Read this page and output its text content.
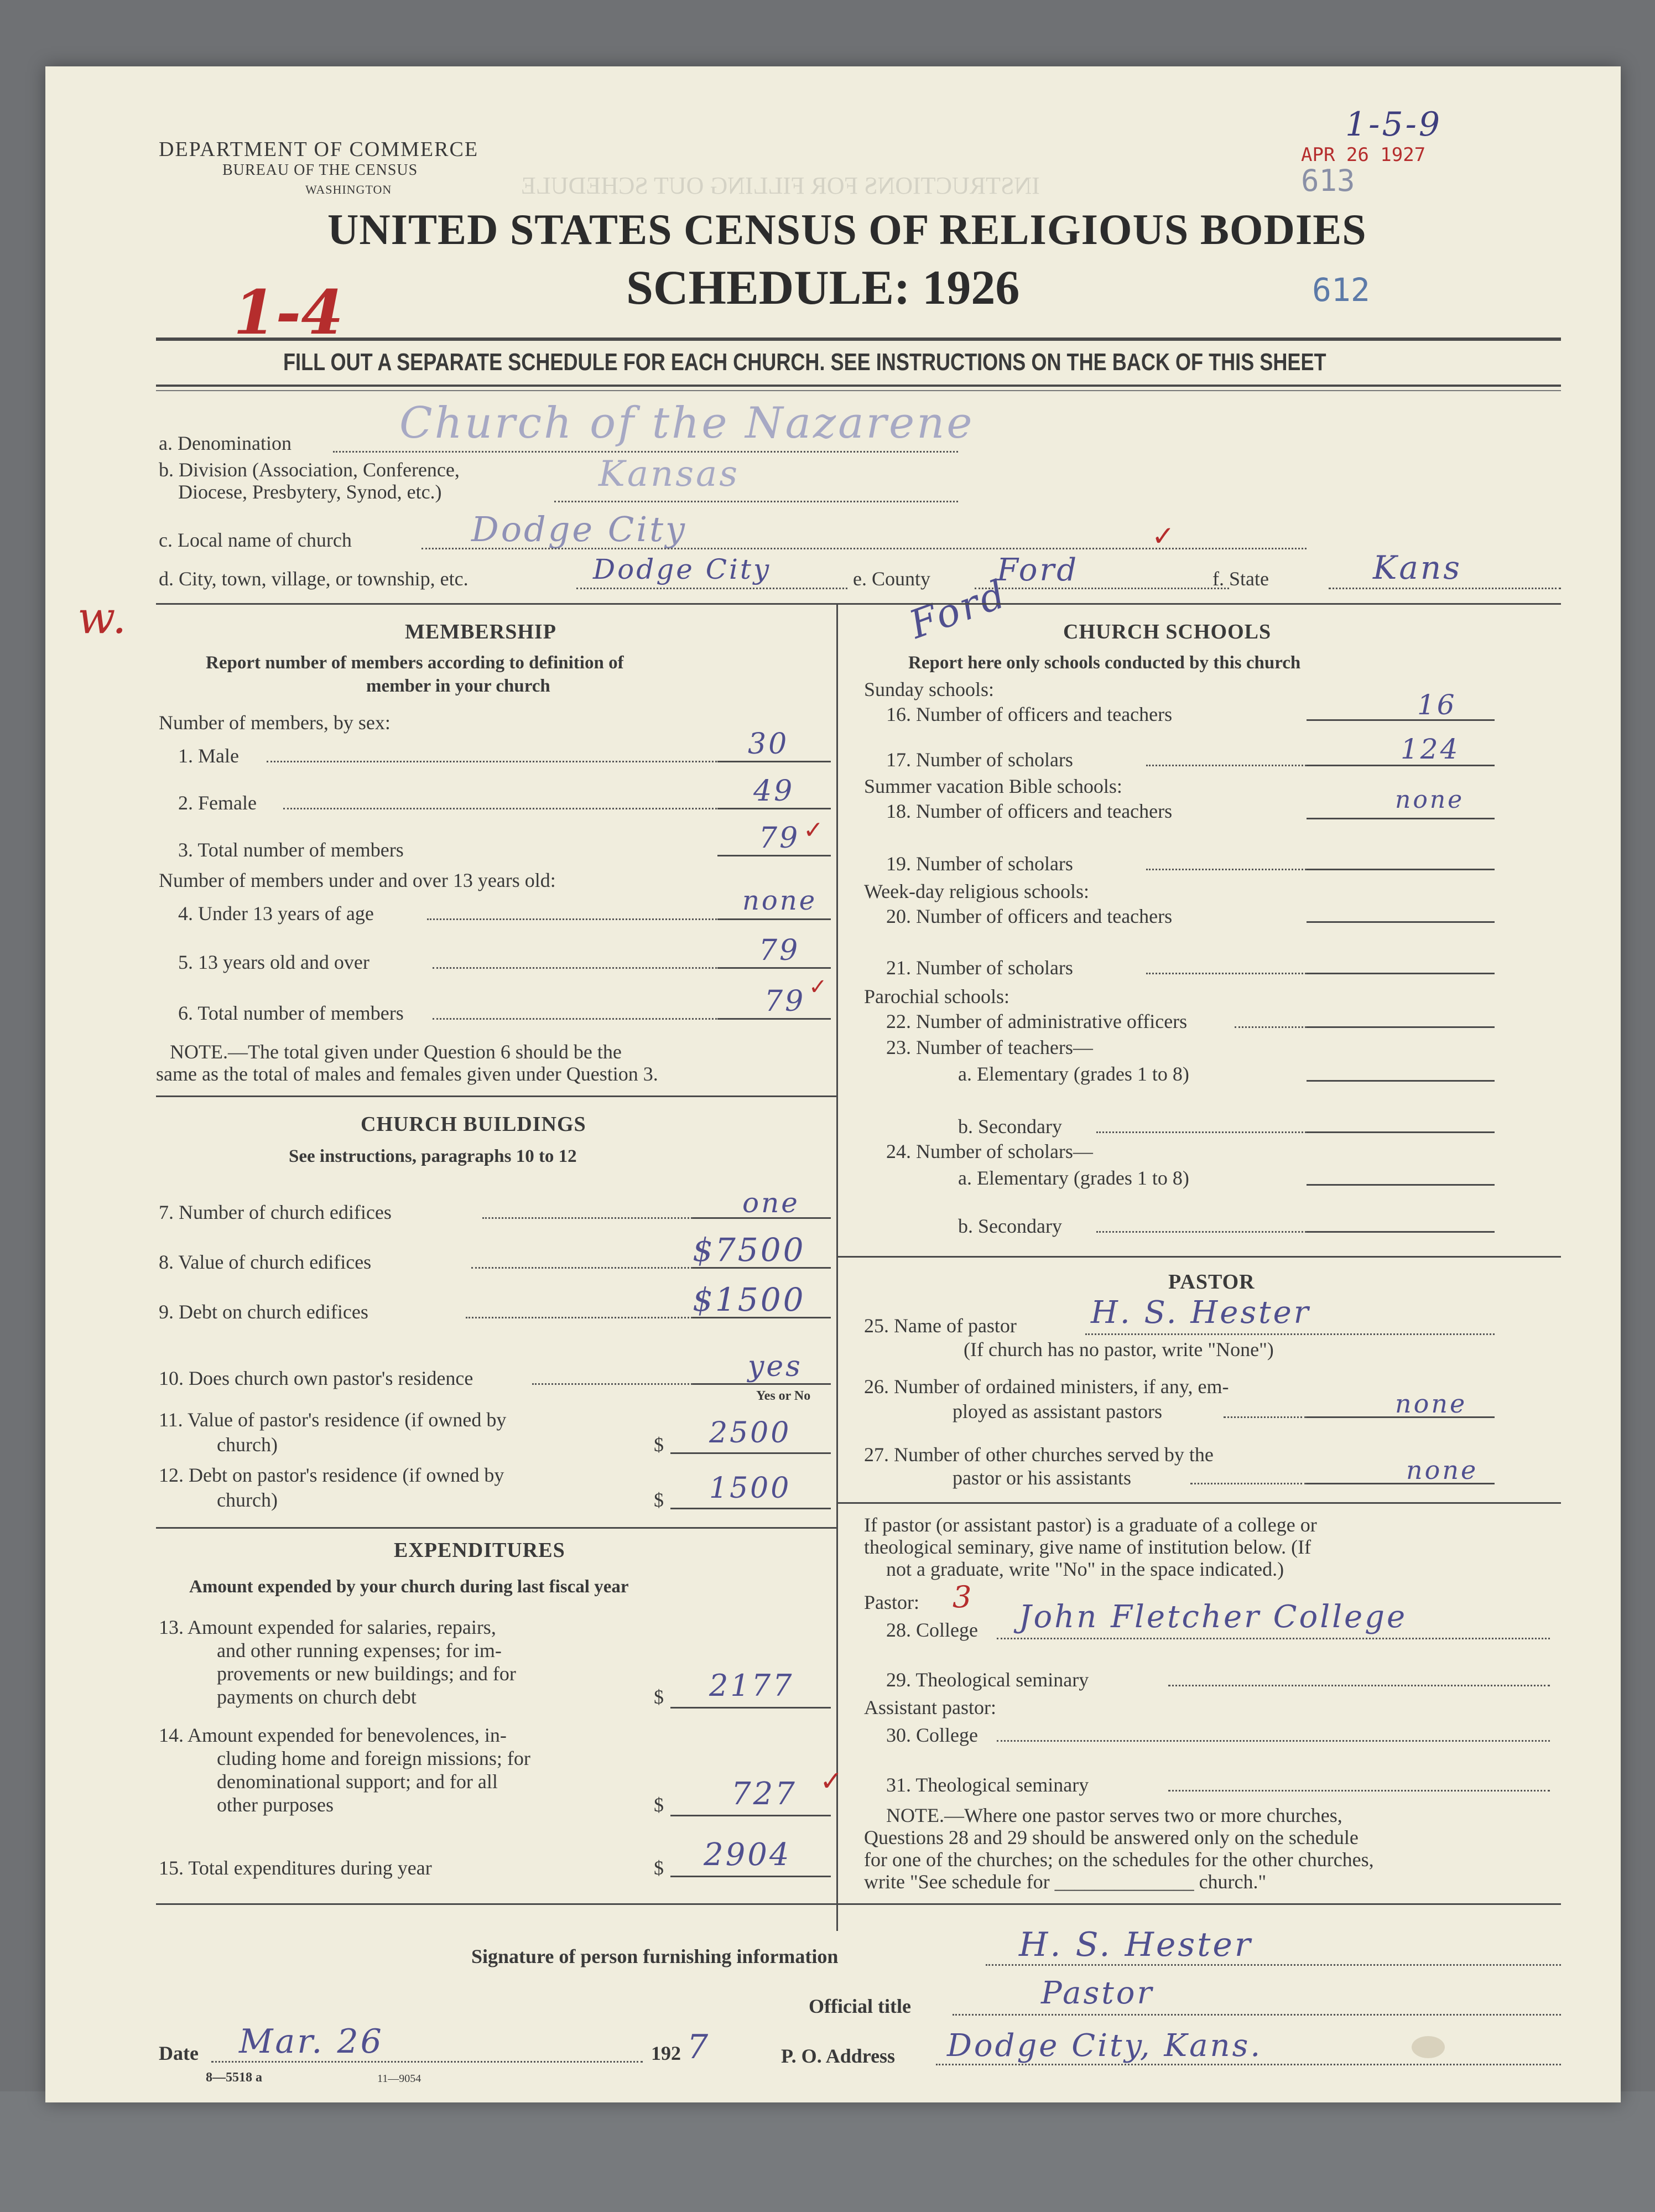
INSTRUCTIONS FOR FILLING OUT SCHEDULE
DEPARTMENT OF COMMERCE
BUREAU OF THE CENSUS
WASHINGTON
UNITED STATES CENSUS OF RELIGIOUS BODIES
SCHEDULE: 1926
1-5-9
APR 26 1927
613
612
1-4
w.
FILL OUT A SEPARATE SCHEDULE FOR EACH CHURCH. SEE INSTRUCTIONS ON THE BACK OF THIS SHEET
a. Denomination	Church of the Nazarene
b. Division (Association, Conference,
Diocese, Presbytery, Synod, etc.)	Kansas
c. Local name of church	Dodge City	✓
d. City, town, village, or township, etc.	Dodge City	e. County Ford	f. State	Kans
Ford
MEMBERSHIP
Report number of members according to definition of
member in your church
Number of members, by sex:
1. Male	30
2. Female	49
3. Total number of members	79 ✓
Number of members under and over 13 years old:
4. Under 13 years of age	none
5. 13 years old and over	79
6. Total number of members	79 ✓
NOTE.—The total given under Question 6 should be the
same as the total of males and females given under Question 3.
CHURCH BUILDINGS
See instructions, paragraphs 10 to 12
7. Number of church edifices	one
8. Value of church edifices	$7500
9. Debt on church edifices	$1500
10. Does church own pastor's residence	yes
Yes or No
11. Value of pastor's residence (if owned by
church)	$ 2500
12. Debt on pastor's residence (if owned by
church)	$ 1500
EXPENDITURES
Amount expended by your church during last fiscal year
13. Amount expended for salaries, repairs,
and other running expenses; for im-
provements or new buildings; and for
payments on church debt	$ 2177
14. Amount expended for benevolences, in-
cluding home and foreign missions; for
denominational support; and for all
other purposes	$ 727 ✓
15. Total expenditures during year	$ 2904
CHURCH SCHOOLS
Report here only schools conducted by this church
Sunday schools:
16. Number of officers and teachers	16
17. Number of scholars	124
Summer vacation Bible schools:
18. Number of officers and teachers	none
19. Number of scholars
Week-day religious schools:
20. Number of officers and teachers
21. Number of scholars
Parochial schools:
22. Number of administrative officers
23. Number of teachers—
a. Elementary (grades 1 to 8)
b. Secondary
24. Number of scholars—
a. Elementary (grades 1 to 8)
b. Secondary
PASTOR
25. Name of pastor H. S. Hester
(If church has no pastor, write "None")
26. Number of ordained ministers, if any, em-
ployed as assistant pastors	none
27. Number of other churches served by the
pastor or his assistants	none
If pastor (or assistant pastor) is a graduate of a college or
theological seminary, give name of institution below. (If
not a graduate, write "No" in the space indicated.)
Pastor: 3
28. College John Fletcher College
29. Theological seminary
Assistant pastor:
30. College
31. Theological seminary
NOTE.—Where one pastor serves two or more churches,
Questions 28 and 29 should be answered only on the schedule
for one of the churches; on the schedules for the other churches,
write "See schedule for ______________ church."
Signature of person furnishing information	H. S. Hester
Official title	Pastor
Date Mar. 26	192 7	P. O. Address Dodge City, Kans.
8—5518 a	11—9054
